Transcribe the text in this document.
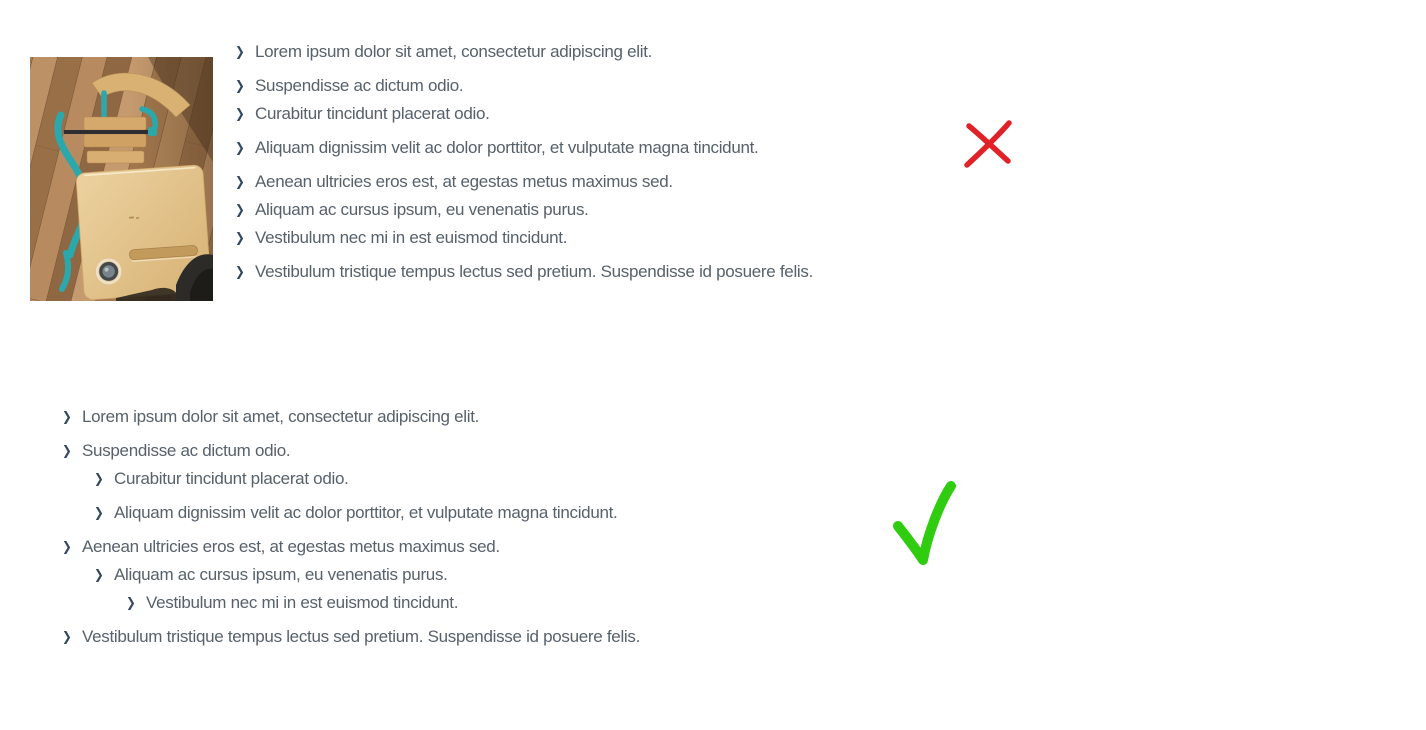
❯ Lorem ipsum dolor sit amet, consectetur adipiscing elit.
❯ Suspendisse ac dictum odio.
❯ Curabitur tincidunt placerat odio.
❯ Aliquam dignissim velit ac dolor porttitor, et vulputate magna tincidunt.
❯ Aenean ultricies eros est, at egestas metus maximus sed.
❯ Aliquam ac cursus ipsum, eu venenatis purus.
❯ Vestibulum nec mi in est euismod tincidunt.
❯ Vestibulum tristique tempus lectus sed pretium. Suspendisse id posuere felis.
❯ Lorem ipsum dolor sit amet, consectetur adipiscing elit.
❯ Suspendisse ac dictum odio.
❯ Curabitur tincidunt placerat odio.
❯ Aliquam dignissim velit ac dolor porttitor, et vulputate magna tincidunt.
❯ Aenean ultricies eros est, at egestas metus maximus sed.
❯ Aliquam ac cursus ipsum, eu venenatis purus.
❯ Vestibulum nec mi in est euismod tincidunt.
❯ Vestibulum tristique tempus lectus sed pretium. Suspendisse id posuere felis.
